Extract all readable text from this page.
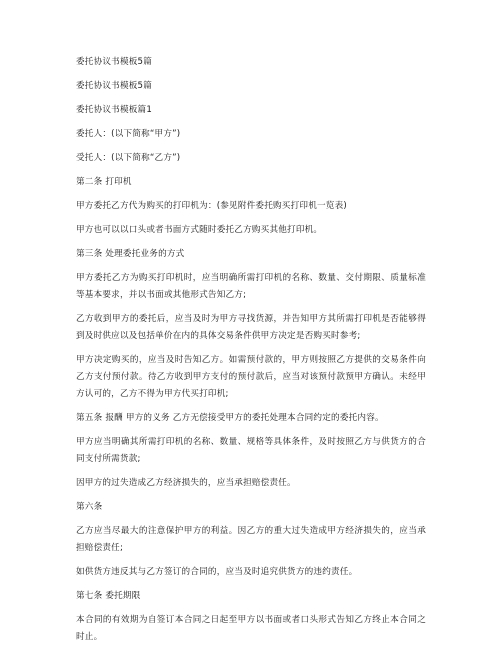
委托协议书模板5篇

委托协议书模板5篇

委托协议书模板篇1

委托人：(以下简称“甲方”)

受托人：(以下简称“乙方”)

第二条 打印机

甲方委托乙方代为购买的打印机为：(参见附件委托购买打印机一览表)

甲方也可以以口头或者书面方式随时委托乙方购买其他打印机。

第三条 处理委托业务的方式

甲方委托乙方为购买打印机时，应当明确所需打印机的名称、数量、交付期限、质量标准等基本要求，并以书面或其他形式告知乙方;

乙方收到甲方的委托后，应当及时为甲方寻找货源，并告知甲方其所需打印机是否能够得到及时供应以及包括单价在内的具体交易条件供甲方决定是否购买时参考;

甲方决定购买的，应当及时告知乙方。如需预付款的，甲方则按照乙方提供的交易条件向乙方支付预付款。待乙方收到甲方支付的预付款后，应当对该预付款预甲方确认。未经甲方认可的，乙方不得为甲方代买打印机;

第五条 报酬 甲方的义务 乙方无偿接受甲方的委托处理本合同约定的委托内容。

甲方应当明确其所需打印机的名称、数量、规格等具体条件，及时按照乙方与供货方的合同支付所需货款;

因甲方的过失造成乙方经济损失的，应当承担赔偿责任。

第六条

乙方应当尽最大的注意保护甲方的利益。因乙方的重大过失造成甲方经济损失的，应当承担赔偿责任;

如供货方违反其与乙方签订的合同的，应当及时追究供货方的违约责任。

第七条 委托期限

本合同的有效期为自签订本合同之日起至甲方以书面或者口头形式告知乙方终止本合同之时止。
